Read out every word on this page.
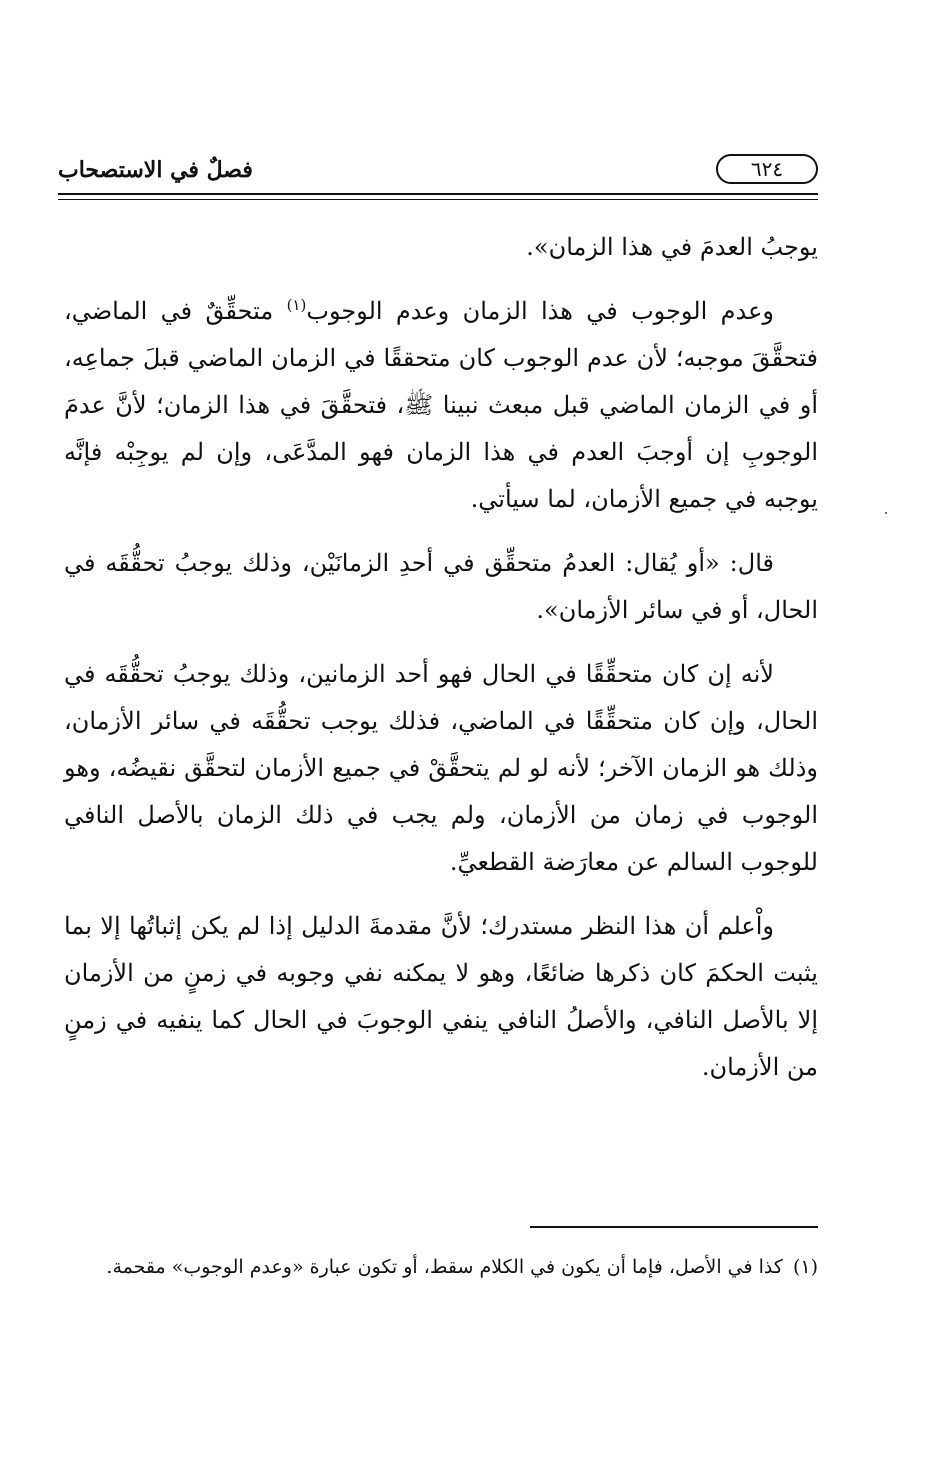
٦٢٤
فصلٌ في الاستصحاب

يوجبُ العدمَ في هذا الزمان».

وعدم الوجوب في هذا الزمان وعدم الوجوب$^{(١)}$ متحقِّقٌ في الماضي، فتحقَّقَ موجبه؛ لأن عدم الوجوب كان متحققًا في الزمان الماضي قبلَ جماعِه، أو في الزمان الماضي قبل مبعث نبينا ﷺ، فتحقَّقَ في هذا الزمان؛ لأنَّ عدمَ الوجوبِ إن أوجبَ العدم في هذا الزمان فهو المدَّعَى، وإن لم يوجِبْه فإنَّه يوجبه في جميع الأزمان، لما سيأتي.

قال: «أو يُقال: العدمُ متحقِّق في أحدِ الزمانَيْن، وذلك يوجبُ تحقُّقَه في الحال، أو في سائر الأزمان».

لأنه إن كان متحقِّقًا في الحال فهو أحد الزمانين، وذلك يوجبُ تحقُّقَه في الحال، وإن كان متحقِّقًا في الماضي، فذلك يوجب تحقُّقَه في سائر الأزمان، وذلك هو الزمان الآخر؛ لأنه لو لم يتحقَّقْ في جميع الأزمان لتحقَّق نقيضُه، وهو الوجوب في زمان من الأزمان، ولم يجب في ذلك الزمان بالأصل النافي للوجوب السالم عن معارَضة القطعيِّ.

واْعلم أن هذا النظر مستدرك؛ لأنَّ مقدمةَ الدليل إذا لم يكن إثباتُها إلا بما يثبت الحكمَ كان ذكرها ضائعًا، وهو لا يمكنه نفي وجوبه في زمنٍ من الأزمان إلا بالأصل النافي، والأصلُ النافي ينفي الوجوبَ في الحال كما ينفيه في زمنٍ من الأزمان.

(١)كذا في الأصل، فإما أن يكون في الكلام سقط، أو تكون عبارة «وعدم الوجوب» مقحمة.
